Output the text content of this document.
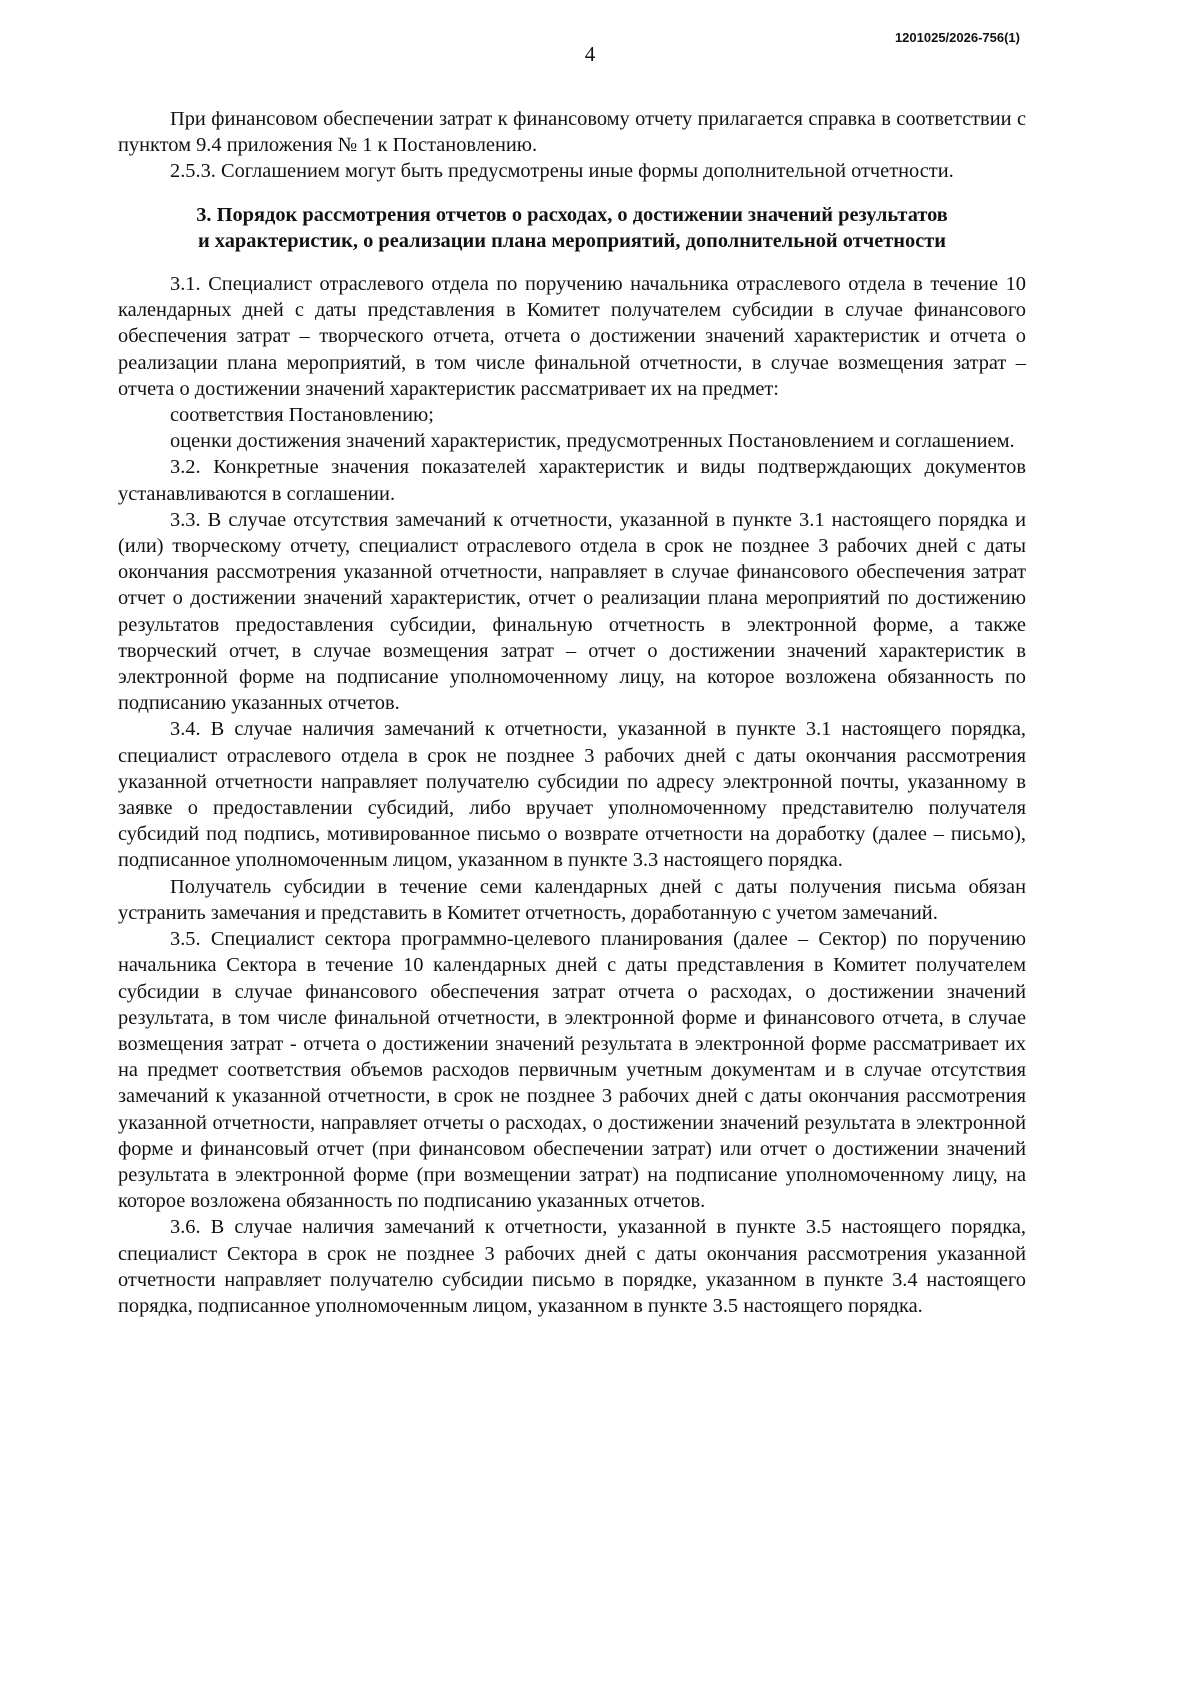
4
1201025/2026-756(1)

При финансовом обеспечении затрат к финансовому отчету прилагается справка в соответствии с пунктом 9.4 приложения № 1 к Постановлению.

2.5.3. Соглашением могут быть предусмотрены иные формы дополнительной отчетности.

3. Порядок рассмотрения отчетов о расходах, о достижении значений результатов
и характеристик, о реализации плана мероприятий, дополнительной отчетности

3.1. Специалист отраслевого отдела по поручению начальника отраслевого отдела в течение 10 календарных дней с даты представления в Комитет получателем субсидии в случае финансового обеспечения затрат – творческого отчета, отчета о достижении значений характеристик и отчета о реализации плана мероприятий, в том числе финальной отчетности, в случае возмещения затрат – отчета о достижении значений характеристик рассматривает их на предмет:

соответствия Постановлению;

оценки достижения значений характеристик, предусмотренных Постановлением и соглашением.

3.2. Конкретные значения показателей характеристик и виды подтверждающих документов устанавливаются в соглашении.

3.3. В случае отсутствия замечаний к отчетности, указанной в пункте 3.1 настоящего порядка и (или) творческому отчету, специалист отраслевого отдела в срок не позднее 3 рабочих дней с даты окончания рассмотрения указанной отчетности, направляет в случае финансового обеспечения затрат отчет о достижении значений характеристик, отчет о реализации плана мероприятий по достижению результатов предоставления субсидии, финальную отчетность в электронной форме, а также творческий отчет, в случае возмещения затрат – отчет о достижении значений характеристик в электронной форме на подписание уполномоченному лицу, на которое возложена обязанность по подписанию указанных отчетов.

3.4. В случае наличия замечаний к отчетности, указанной в пункте 3.1 настоящего порядка, специалист отраслевого отдела в срок не позднее 3 рабочих дней с даты окончания рассмотрения указанной отчетности направляет получателю субсидии по адресу электронной почты, указанному в заявке о предоставлении субсидий, либо вручает уполномоченному представителю получателя субсидий под подпись, мотивированное письмо о возврате отчетности на доработку (далее – письмо), подписанное уполномоченным лицом, указанном в пункте 3.3 настоящего порядка.

Получатель субсидии в течение семи календарных дней с даты получения письма обязан устранить замечания и представить в Комитет отчетность, доработанную с учетом замечаний.

3.5. Специалист сектора программно-целевого планирования (далее – Сектор) по поручению начальника Сектора в течение 10 календарных дней с даты представления в Комитет получателем субсидии в случае финансового обеспечения затрат отчета о расходах, о достижении значений результата, в том числе финальной отчетности, в электронной форме и финансового отчета, в случае возмещения затрат - отчета о достижении значений результата в электронной форме рассматривает их на предмет соответствия объемов расходов первичным учетным документам и в случае отсутствия замечаний к указанной отчетности, в срок не позднее 3 рабочих дней с даты окончания рассмотрения указанной отчетности, направляет отчеты о расходах, о достижении значений результата в электронной форме и финансовый отчет (при финансовом обеспечении затрат) или отчет о достижении значений результата в электронной форме (при возмещении затрат) на подписание уполномоченному лицу, на которое возложена обязанность по подписанию указанных отчетов.

3.6. В случае наличия замечаний к отчетности, указанной в пункте 3.5 настоящего порядка, специалист Сектора в срок не позднее 3 рабочих дней с даты окончания рассмотрения указанной отчетности направляет получателю субсидии письмо в порядке, указанном в пункте 3.4 настоящего порядка, подписанное уполномоченным лицом, указанном в пункте 3.5 настоящего порядка.
